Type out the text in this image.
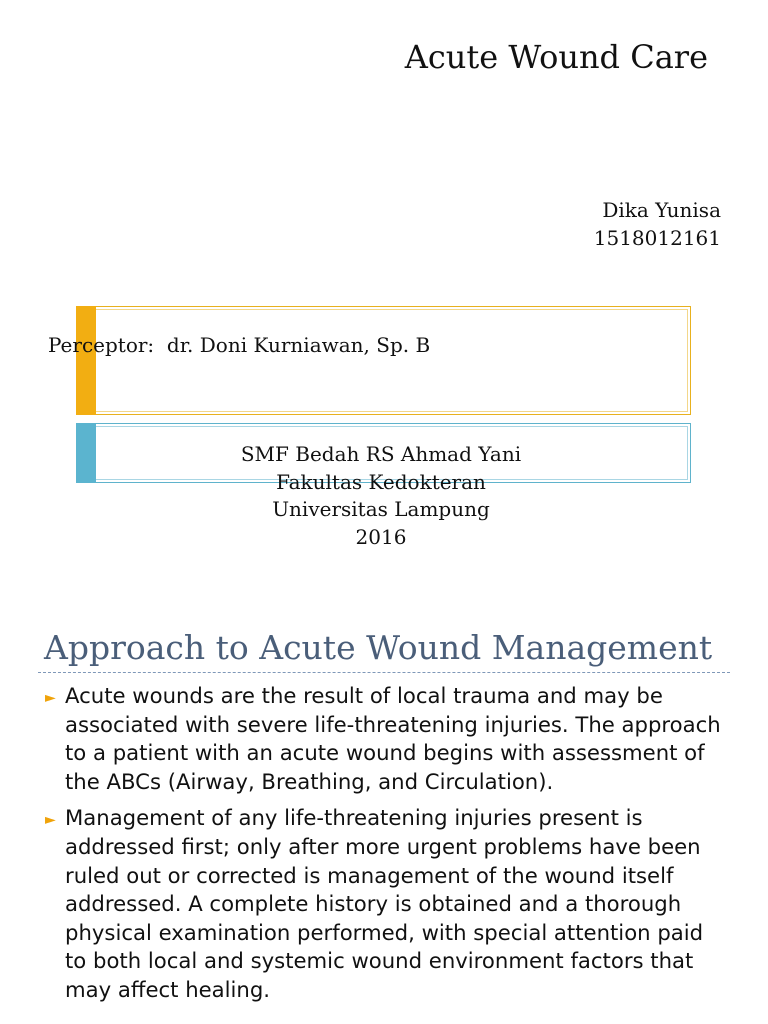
Acute Wound Care
Dika Yunisa
1518012161
Perceptor:  dr. Doni Kurniawan, Sp. B
SMF Bedah RS Ahmad Yani
Fakultas Kedokteran
Universitas Lampung
2016
Approach to Acute Wound Management
► Acute wounds are the result of local trauma and may be associated with severe life-threatening injuries. The approach to a patient with an acute wound begins with assessment of the ABCs (Airway, Breathing, and Circulation).
► Management of any life-threatening injuries present is addressed first; only after more urgent problems have been ruled out or corrected is management of the wound itself addressed. A complete history is obtained and a thorough physical examination performed, with special attention paid to both local and systemic wound environment factors that may affect healing.
